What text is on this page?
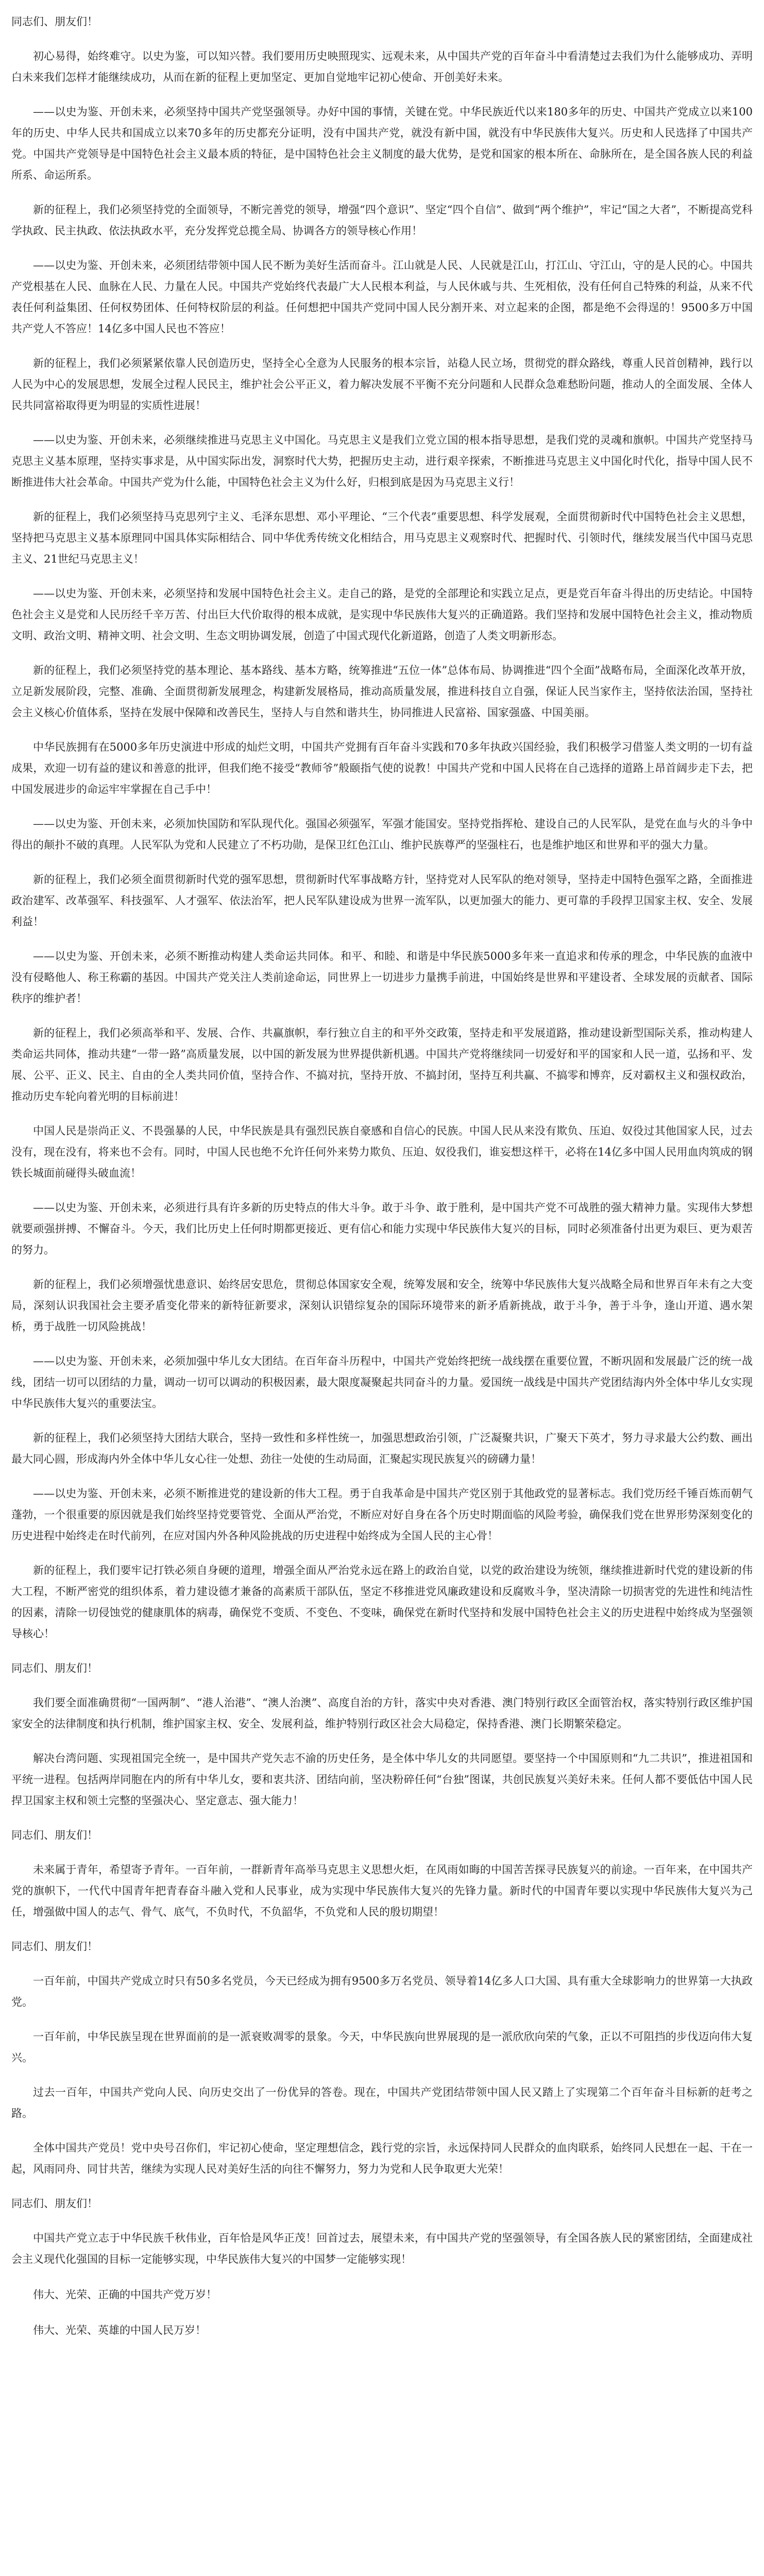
同志们、朋友们！

初心易得，始终难守。以史为鉴，可以知兴替。我们要用历史映照现实、远观未来，从中国共产党的百年奋斗中看清楚过去我们为什么能够成功、弄明白未来我们怎样才能继续成功，从而在新的征程上更加坚定、更加自觉地牢记初心使命、开创美好未来。

——以史为鉴、开创未来，必须坚持中国共产党坚强领导。办好中国的事情，关键在党。中华民族近代以来180多年的历史、中国共产党成立以来100年的历史、中华人民共和国成立以来70多年的历史都充分证明，没有中国共产党，就没有新中国，就没有中华民族伟大复兴。历史和人民选择了中国共产党。中国共产党领导是中国特色社会主义最本质的特征，是中国特色社会主义制度的最大优势，是党和国家的根本所在、命脉所在，是全国各族人民的利益所系、命运所系。

新的征程上，我们必须坚持党的全面领导，不断完善党的领导，增强“四个意识”、坚定“四个自信”、做到“两个维护”，牢记“国之大者”，不断提高党科学执政、民主执政、依法执政水平，充分发挥党总揽全局、协调各方的领导核心作用！

——以史为鉴、开创未来，必须团结带领中国人民不断为美好生活而奋斗。江山就是人民、人民就是江山，打江山、守江山，守的是人民的心。中国共产党根基在人民、血脉在人民、力量在人民。中国共产党始终代表最广大人民根本利益，与人民休戚与共、生死相依，没有任何自己特殊的利益，从来不代表任何利益集团、任何权势团体、任何特权阶层的利益。任何想把中国共产党同中国人民分割开来、对立起来的企图，都是绝不会得逞的！9500多万中国共产党人不答应！14亿多中国人民也不答应！

新的征程上，我们必须紧紧依靠人民创造历史，坚持全心全意为人民服务的根本宗旨，站稳人民立场，贯彻党的群众路线，尊重人民首创精神，践行以人民为中心的发展思想，发展全过程人民民主，维护社会公平正义，着力解决发展不平衡不充分问题和人民群众急难愁盼问题，推动人的全面发展、全体人民共同富裕取得更为明显的实质性进展！

——以史为鉴、开创未来，必须继续推进马克思主义中国化。马克思主义是我们立党立国的根本指导思想，是我们党的灵魂和旗帜。中国共产党坚持马克思主义基本原理，坚持实事求是，从中国实际出发，洞察时代大势，把握历史主动，进行艰辛探索，不断推进马克思主义中国化时代化，指导中国人民不断推进伟大社会革命。中国共产党为什么能，中国特色社会主义为什么好，归根到底是因为马克思主义行！

新的征程上，我们必须坚持马克思列宁主义、毛泽东思想、邓小平理论、“三个代表”重要思想、科学发展观，全面贯彻新时代中国特色社会主义思想，坚持把马克思主义基本原理同中国具体实际相结合、同中华优秀传统文化相结合，用马克思主义观察时代、把握时代、引领时代，继续发展当代中国马克思主义、21世纪马克思主义！

——以史为鉴、开创未来，必须坚持和发展中国特色社会主义。走自己的路，是党的全部理论和实践立足点，更是党百年奋斗得出的历史结论。中国特色社会主义是党和人民历经千辛万苦、付出巨大代价取得的根本成就，是实现中华民族伟大复兴的正确道路。我们坚持和发展中国特色社会主义，推动物质文明、政治文明、精神文明、社会文明、生态文明协调发展，创造了中国式现代化新道路，创造了人类文明新形态。

新的征程上，我们必须坚持党的基本理论、基本路线、基本方略，统筹推进“五位一体”总体布局、协调推进“四个全面”战略布局，全面深化改革开放，立足新发展阶段，完整、准确、全面贯彻新发展理念，构建新发展格局，推动高质量发展，推进科技自立自强，保证人民当家作主，坚持依法治国，坚持社会主义核心价值体系，坚持在发展中保障和改善民生，坚持人与自然和谐共生，协同推进人民富裕、国家强盛、中国美丽。

中华民族拥有在5000多年历史演进中形成的灿烂文明，中国共产党拥有百年奋斗实践和70多年执政兴国经验，我们积极学习借鉴人类文明的一切有益成果，欢迎一切有益的建议和善意的批评，但我们绝不接受“教师爷”般颐指气使的说教！中国共产党和中国人民将在自己选择的道路上昂首阔步走下去，把中国发展进步的命运牢牢掌握在自己手中！

——以史为鉴、开创未来，必须加快国防和军队现代化。强国必须强军，军强才能国安。坚持党指挥枪、建设自己的人民军队，是党在血与火的斗争中得出的颠扑不破的真理。人民军队为党和人民建立了不朽功勋，是保卫红色江山、维护民族尊严的坚强柱石，也是维护地区和世界和平的强大力量。

新的征程上，我们必须全面贯彻新时代党的强军思想，贯彻新时代军事战略方针，坚持党对人民军队的绝对领导，坚持走中国特色强军之路，全面推进政治建军、改革强军、科技强军、人才强军、依法治军，把人民军队建设成为世界一流军队，以更加强大的能力、更可靠的手段捍卫国家主权、安全、发展利益！

——以史为鉴、开创未来，必须不断推动构建人类命运共同体。和平、和睦、和谐是中华民族5000多年来一直追求和传承的理念，中华民族的血液中没有侵略他人、称王称霸的基因。中国共产党关注人类前途命运，同世界上一切进步力量携手前进，中国始终是世界和平建设者、全球发展的贡献者、国际秩序的维护者！

新的征程上，我们必须高举和平、发展、合作、共赢旗帜，奉行独立自主的和平外交政策，坚持走和平发展道路，推动建设新型国际关系，推动构建人类命运共同体，推动共建“一带一路”高质量发展，以中国的新发展为世界提供新机遇。中国共产党将继续同一切爱好和平的国家和人民一道，弘扬和平、发展、公平、正义、民主、自由的全人类共同价值，坚持合作、不搞对抗，坚持开放、不搞封闭，坚持互利共赢、不搞零和博弈，反对霸权主义和强权政治，推动历史车轮向着光明的目标前进！

中国人民是崇尚正义、不畏强暴的人民，中华民族是具有强烈民族自豪感和自信心的民族。中国人民从来没有欺负、压迫、奴役过其他国家人民，过去没有，现在没有，将来也不会有。同时，中国人民也绝不允许任何外来势力欺负、压迫、奴役我们，谁妄想这样干，必将在14亿多中国人民用血肉筑成的钢铁长城面前碰得头破血流！

——以史为鉴、开创未来，必须进行具有许多新的历史特点的伟大斗争。敢于斗争、敢于胜利，是中国共产党不可战胜的强大精神力量。实现伟大梦想就要顽强拼搏、不懈奋斗。今天，我们比历史上任何时期都更接近、更有信心和能力实现中华民族伟大复兴的目标，同时必须准备付出更为艰巨、更为艰苦的努力。

新的征程上，我们必须增强忧患意识、始终居安思危，贯彻总体国家安全观，统筹发展和安全，统筹中华民族伟大复兴战略全局和世界百年未有之大变局，深刻认识我国社会主要矛盾变化带来的新特征新要求，深刻认识错综复杂的国际环境带来的新矛盾新挑战，敢于斗争，善于斗争，逢山开道、遇水架桥，勇于战胜一切风险挑战！

——以史为鉴、开创未来，必须加强中华儿女大团结。在百年奋斗历程中，中国共产党始终把统一战线摆在重要位置，不断巩固和发展最广泛的统一战线，团结一切可以团结的力量，调动一切可以调动的积极因素，最大限度凝聚起共同奋斗的力量。爱国统一战线是中国共产党团结海内外全体中华儿女实现中华民族伟大复兴的重要法宝。

新的征程上，我们必须坚持大团结大联合，坚持一致性和多样性统一，加强思想政治引领，广泛凝聚共识，广聚天下英才，努力寻求最大公约数、画出最大同心圆，形成海内外全体中华儿女心往一处想、劲往一处使的生动局面，汇聚起实现民族复兴的磅礴力量！

——以史为鉴、开创未来，必须不断推进党的建设新的伟大工程。勇于自我革命是中国共产党区别于其他政党的显著标志。我们党历经千锤百炼而朝气蓬勃，一个很重要的原因就是我们始终坚持党要管党、全面从严治党，不断应对好自身在各个历史时期面临的风险考验，确保我们党在世界形势深刻变化的历史进程中始终走在时代前列，在应对国内外各种风险挑战的历史进程中始终成为全国人民的主心骨！

新的征程上，我们要牢记打铁必须自身硬的道理，增强全面从严治党永远在路上的政治自觉，以党的政治建设为统领，继续推进新时代党的建设新的伟大工程，不断严密党的组织体系，着力建设德才兼备的高素质干部队伍，坚定不移推进党风廉政建设和反腐败斗争，坚决清除一切损害党的先进性和纯洁性的因素，清除一切侵蚀党的健康肌体的病毒，确保党不变质、不变色、不变味，确保党在新时代坚持和发展中国特色社会主义的历史进程中始终成为坚强领导核心！

同志们、朋友们！

我们要全面准确贯彻“一国两制”、“港人治港”、“澳人治澳”、高度自治的方针，落实中央对香港、澳门特别行政区全面管治权，落实特别行政区维护国家安全的法律制度和执行机制，维护国家主权、安全、发展利益，维护特别行政区社会大局稳定，保持香港、澳门长期繁荣稳定。

解决台湾问题、实现祖国完全统一，是中国共产党矢志不渝的历史任务，是全体中华儿女的共同愿望。要坚持一个中国原则和“九二共识”，推进祖国和平统一进程。包括两岸同胞在内的所有中华儿女，要和衷共济、团结向前，坚决粉碎任何“台独”图谋，共创民族复兴美好未来。任何人都不要低估中国人民捍卫国家主权和领土完整的坚强决心、坚定意志、强大能力！

同志们、朋友们！

未来属于青年，希望寄予青年。一百年前，一群新青年高举马克思主义思想火炬，在风雨如晦的中国苦苦探寻民族复兴的前途。一百年来，在中国共产党的旗帜下，一代代中国青年把青春奋斗融入党和人民事业，成为实现中华民族伟大复兴的先锋力量。新时代的中国青年要以实现中华民族伟大复兴为己任，增强做中国人的志气、骨气、底气，不负时代，不负韶华，不负党和人民的殷切期望！

同志们、朋友们！

一百年前，中国共产党成立时只有50多名党员，今天已经成为拥有9500多万名党员、领导着14亿多人口大国、具有重大全球影响力的世界第一大执政党。

一百年前，中华民族呈现在世界面前的是一派衰败凋零的景象。今天，中华民族向世界展现的是一派欣欣向荣的气象，正以不可阻挡的步伐迈向伟大复兴。

过去一百年，中国共产党向人民、向历史交出了一份优异的答卷。现在，中国共产党团结带领中国人民又踏上了实现第二个百年奋斗目标新的赶考之路。

全体中国共产党员！党中央号召你们，牢记初心使命，坚定理想信念，践行党的宗旨，永远保持同人民群众的血肉联系，始终同人民想在一起、干在一起，风雨同舟、同甘共苦，继续为实现人民对美好生活的向往不懈努力，努力为党和人民争取更大光荣！

同志们、朋友们！

中国共产党立志于中华民族千秋伟业，百年恰是风华正茂！回首过去，展望未来，有中国共产党的坚强领导，有全国各族人民的紧密团结，全面建成社会主义现代化强国的目标一定能够实现，中华民族伟大复兴的中国梦一定能够实现！

伟大、光荣、正确的中国共产党万岁！

伟大、光荣、英雄的中国人民万岁！
